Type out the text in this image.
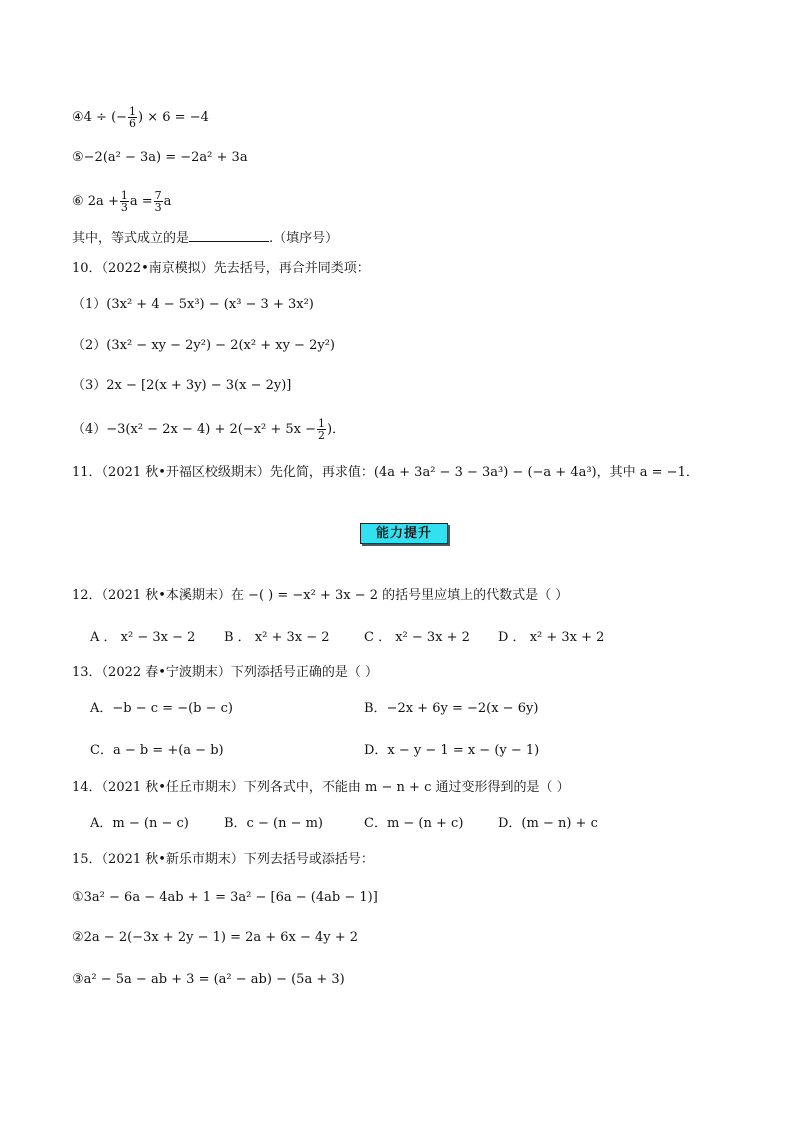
④4 ÷ (− $\frac{1}{6}$ ) × 6 = −4
⑤−2(a² − 3a) = −2a² + 3a
⑥ $2a + \frac{1}{3}$ $a = \frac{7}{3}$ a
其中，等式成立的是	.（填序号）
10．（2022•南京模拟）先去括号，再合并同类项：
（1）(3x² + 4 − 5x³) − (x³ − 3 + 3x²)
（2）(3x² − xy − 2y²) − 2(x² + xy − 2y²)
（3）2x − [2(x + 3y) − 3(x − 2y)]
$(4)-3(x^2 - 2x - 4) + 2(-x^2 + 5x - \frac{1}{2}$ )．
11．（2021 秋•开福区校级期末）先化简，再求值：(4a + 3a² − 3 − 3a³) − (−a + 4a³)，其中 a = −1．
能力提升
12．（2021 秋•本溪期末）在 −( ) = −x² + 3x − 2 的括号里应填上的代数式是（ ）
A ． x² − 3x − 2 B ． x² + 3x − 2	C ． x² − 3x + 2 D ． x² + 3x + 2
13．（2022 春•宁波期末）下列添括号正确的是（ ）
A．−b − c = −(b − c)	B．−2x + 6y = −2(x − 6y)
C．a − b = +(a − b)	D．x − y − 1 = x − (y − 1)
14．（2021 秋•任丘市期末）下列各式中，不能由 m − n + c 通过变形得到的是（ ）
A．m − (n − c)	B．c − (n − m)	C．m − (n + c)	D．(m − n) + c
15．（2021 秋•新乐市期末）下列去括号或添括号：
①3a² − 6a − 4ab + 1 = 3a² − [6a − (4ab − 1)]
②2a − 2(−3x + 2y − 1) = 2a + 6x − 4y + 2
③a² − 5a − ab + 3 = (a² − ab) − (5a + 3)
